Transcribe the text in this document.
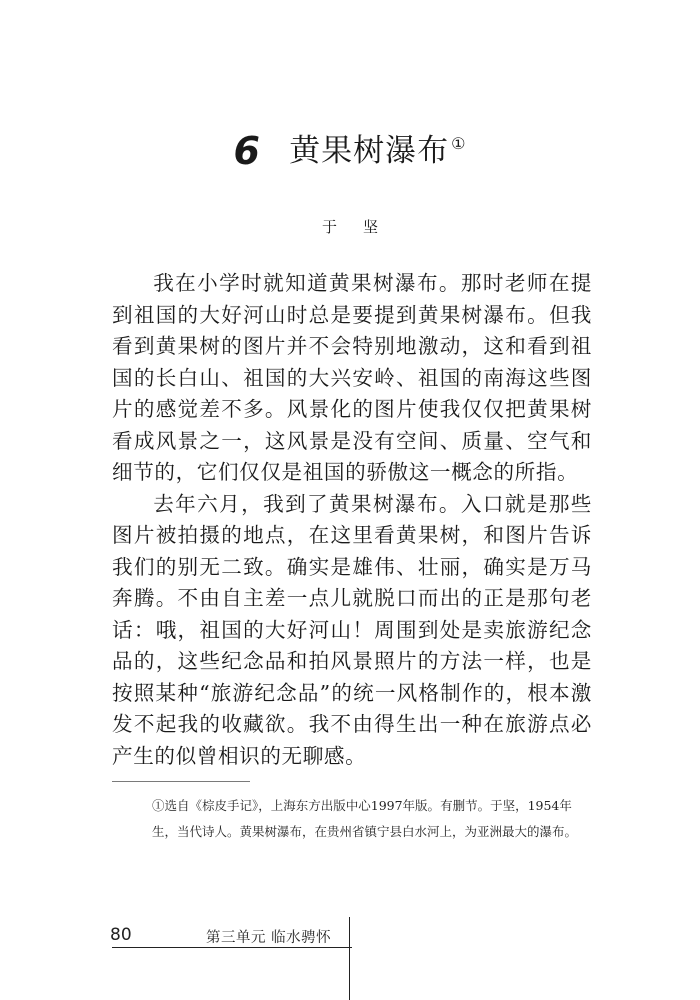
6 黄果树瀑布 ①
于坚

我在小学时就知道黄果树瀑布。那时老师在提到祖国的大好河山时总是要提到黄果树瀑布。但我看到黄果树的图片并不会特别地激动，这和看到祖国的长白山、祖国的大兴安岭、祖国的南海这些图片的感觉差不多。风景化的图片使我仅仅把黄果树看成风景之一，这风景是没有空间、质量、空气和细节的，它们仅仅是祖国的骄傲这一概念的所指。

去年六月，我到了黄果树瀑布。入口就是那些图片被拍摄的地点，在这里看黄果树，和图片告诉我们的别无二致。确实是雄伟、壮丽，确实是万马奔腾。不由自主差一点儿就脱口而出的正是那句老话：哦，祖国的大好河山！周围到处是卖旅游纪念品的，这些纪念品和拍风景照片的方法一样，也是按照某种“旅游纪念品”的统一风格制作的，根本激发不起我的收藏欲。我不由得生出一种在旅游点必产生的似曾相识的无聊感。

①选自《棕皮手记》，上海东方出版中心1997年版。有删节。于坚，1954年生，当代诗人。黄果树瀑布，在贵州省镇宁县白水河上，为亚洲最大的瀑布。
80	第三单元 临水骋怀
